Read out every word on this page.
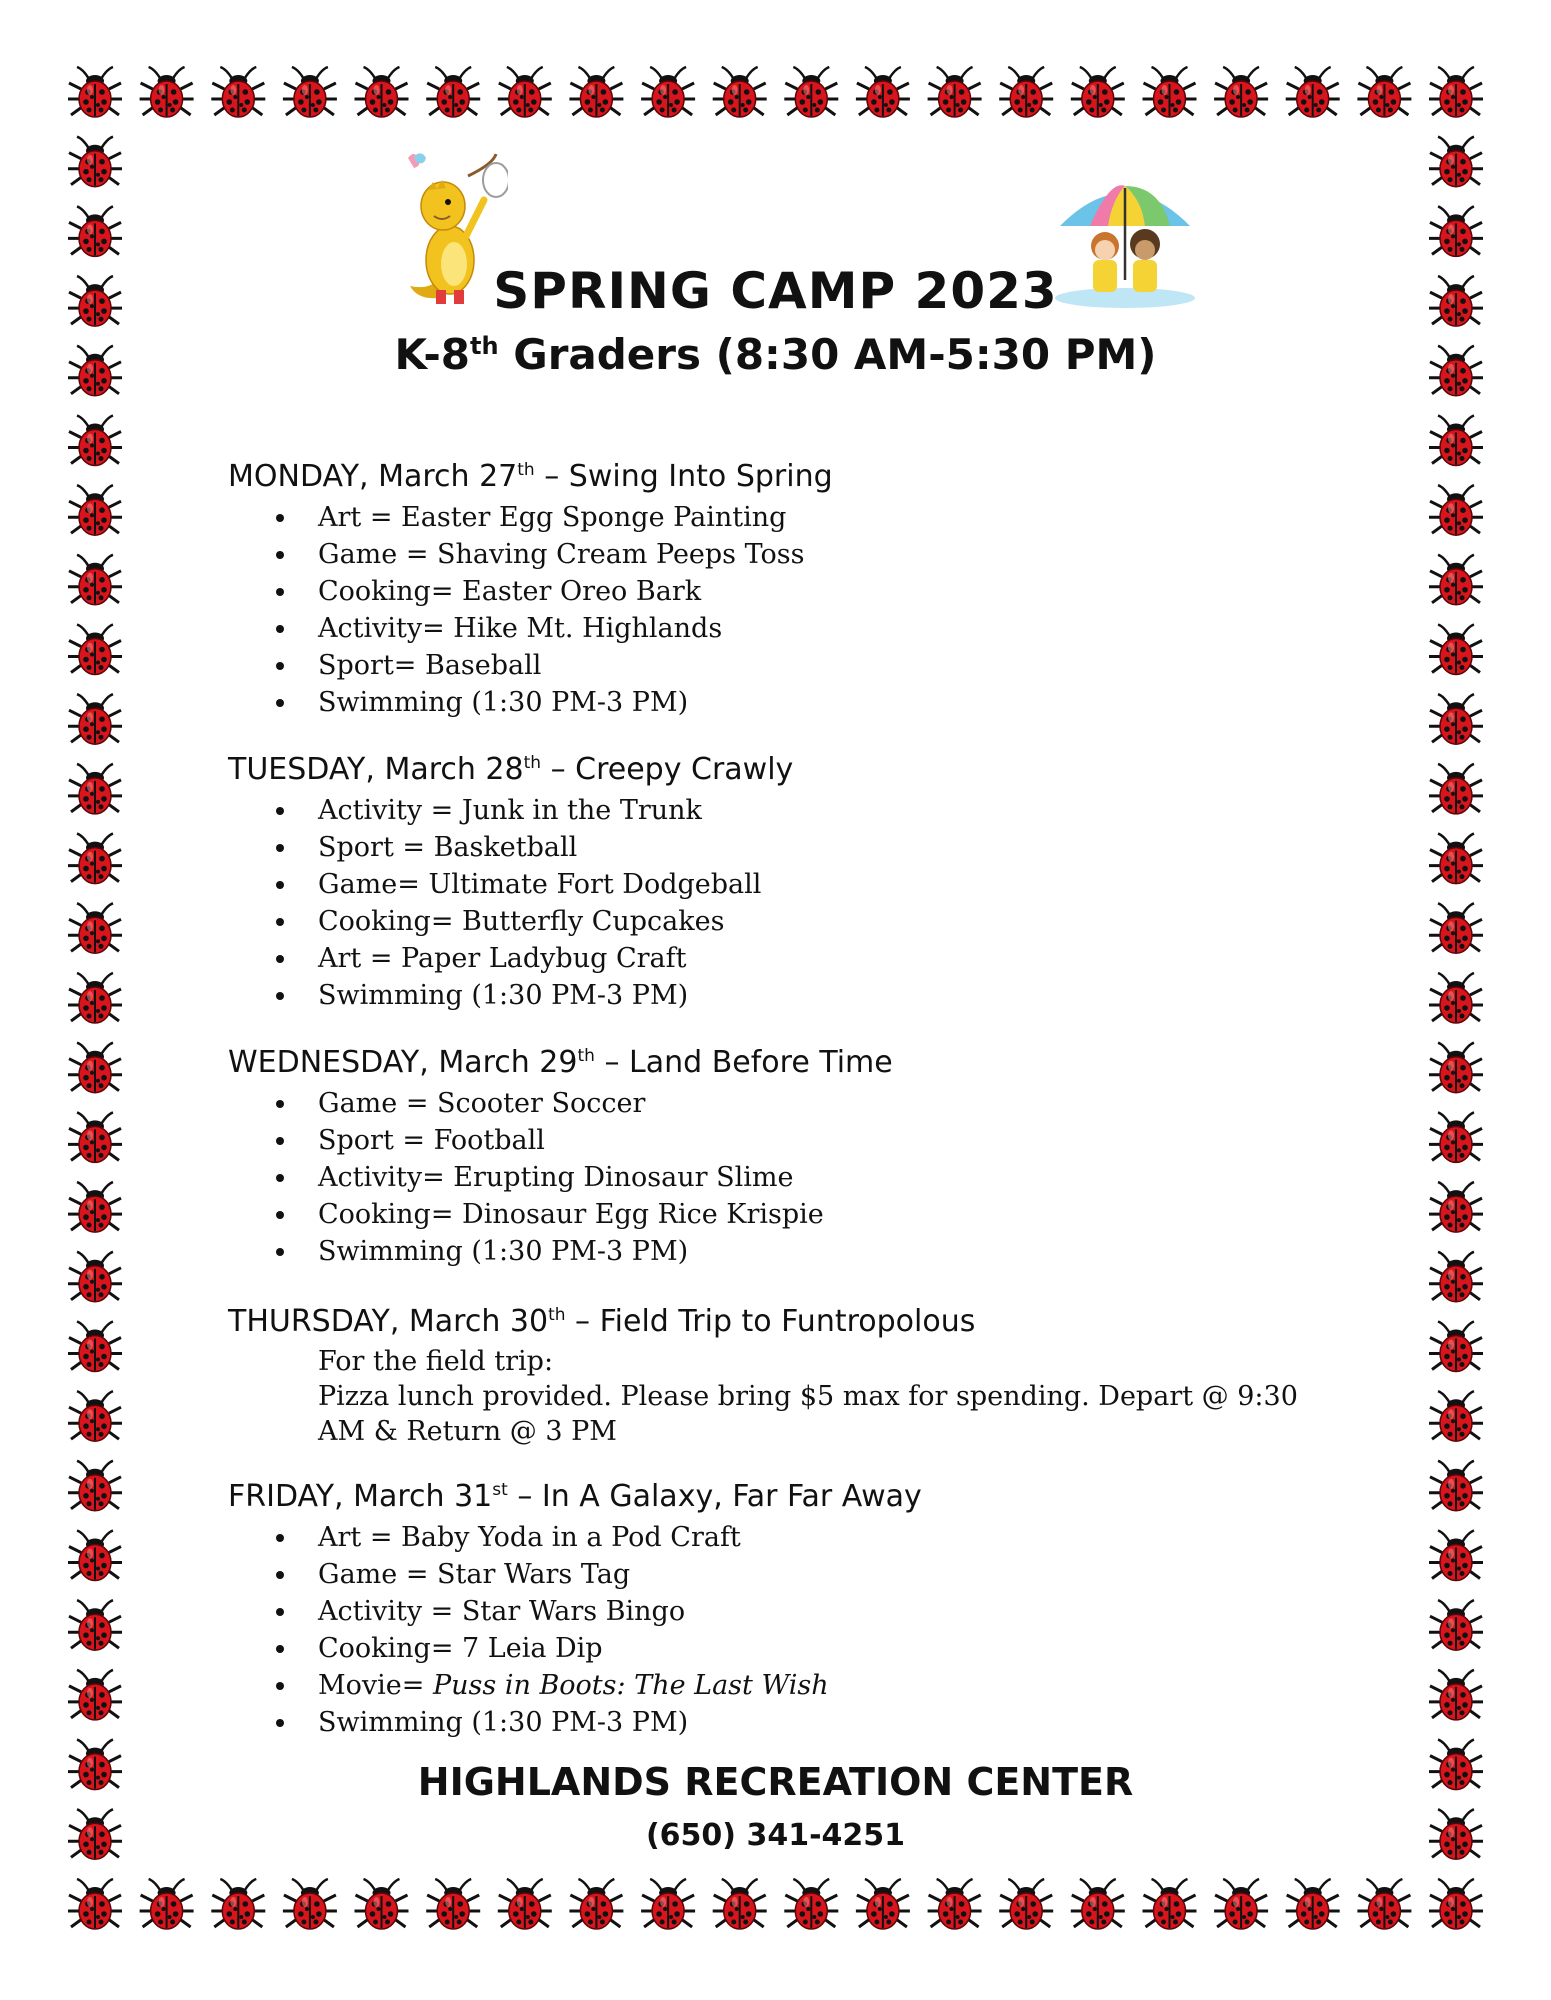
SPRING CAMP 2023
K-8th Graders (8:30 AM-5:30 PM)
MONDAY, March 27th – Swing Into Spring
Art = Easter Egg Sponge Painting
Game = Shaving Cream Peeps Toss
Cooking= Easter Oreo Bark
Activity= Hike Mt. Highlands
Sport= Baseball
Swimming (1:30 PM-3 PM)
TUESDAY, March 28th – Creepy Crawly
Activity = Junk in the Trunk
Sport = Basketball
Game= Ultimate Fort Dodgeball
Cooking= Butterfly Cupcakes
Art = Paper Ladybug Craft
Swimming (1:30 PM-3 PM)
WEDNESDAY, March 29th – Land Before Time
Game = Scooter Soccer
Sport = Football
Activity= Erupting Dinosaur Slime
Cooking= Dinosaur Egg Rice Krispie
Swimming (1:30 PM-3 PM)
THURSDAY, March 30th – Field Trip to Funtropolous
For the field trip:
Pizza lunch provided. Please bring $5 max for spending. Depart @ 9:30 AM & Return @ 3 PM
FRIDAY, March 31st – In A Galaxy, Far Far Away
Art = Baby Yoda in a Pod Craft
Game = Star Wars Tag
Activity = Star Wars Bingo
Cooking= 7 Leia Dip
Movie= Puss in Boots: The Last Wish
Swimming (1:30 PM-3 PM)
HIGHLANDS RECREATION CENTER
(650) 341-4251
